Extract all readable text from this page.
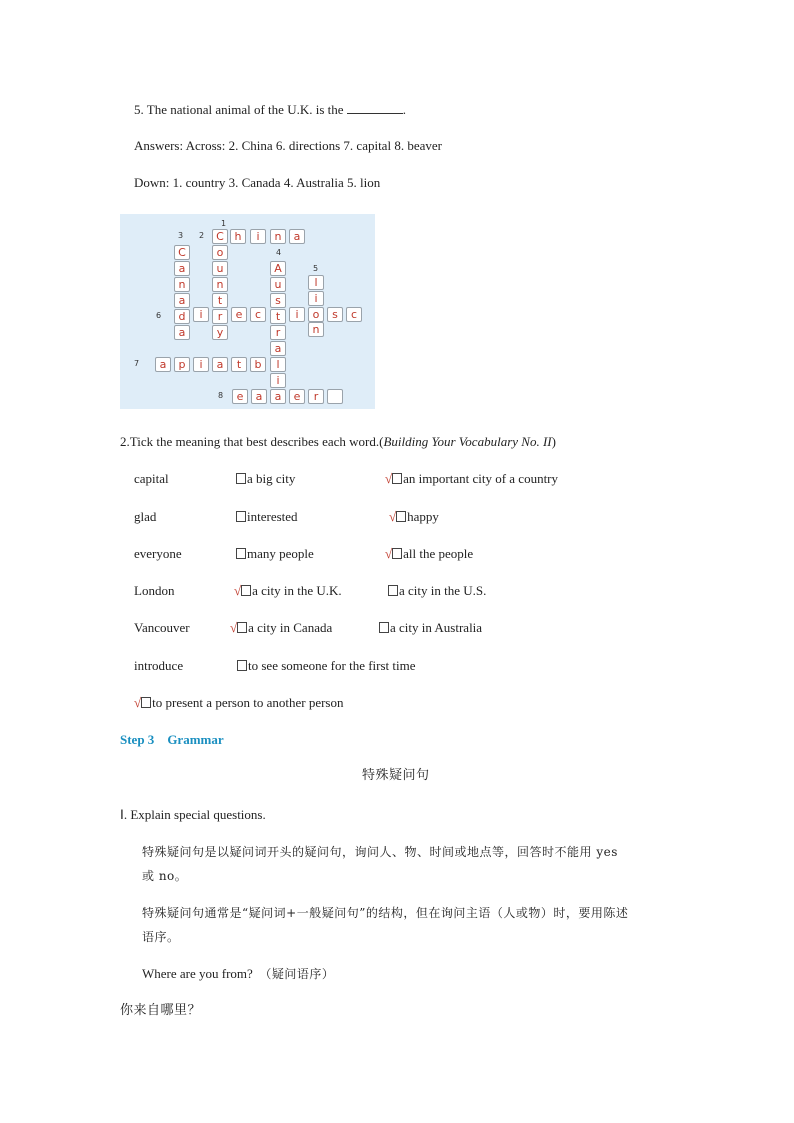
5. The national animal of the U.K. is the	.
Answers: Across: 2. China 6. directions 7. capital 8. beaver
Down: 1. country 3. Canada 4. Australia 5. lion
1
2
3
4
5
6
7
8
C h	i	n	a
o
u
n
t
r
y
C
a
n
a
d
a
A
u
s
t
r
a
l
i
a
l
i
o
n
i	e	c	i	s	c
a	p	i	a	t	b
e	a	e	r
2.Tick the meaning that best describes each word.(Building Your Vocabulary No. II)
capital	a big city	√ an important city of a country
glad	interested	√ happy
everyone	many people	√ all the people
London	√ a city in the U.K.	a city in the U.S.
Vancouver	√ a city in Canada	a city in Australia
introduce	to see someone for the first time
√ to present a person to another person
Step 3 Grammar
特殊疑问句
Ⅰ. Explain special questions.
特殊疑问句是以疑问词开头的疑问句，询问人、物、时间或地点等，回答时不能用 yes
或 no。
特殊疑问句通常是“疑问词+一般疑问句”的结构，但在询问主语（人或物）时，要用陈述
语序。
Where are you from? （疑问语序）
你来自哪里？
